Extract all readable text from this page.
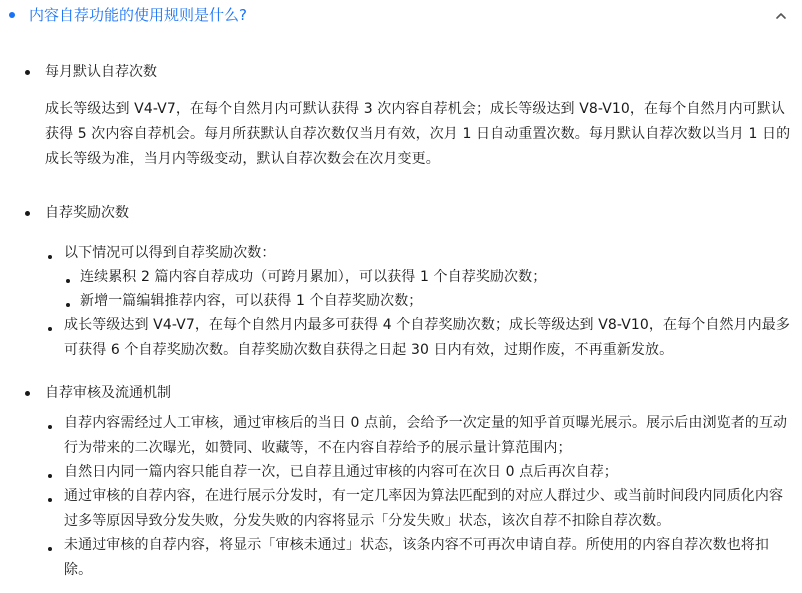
内容自荐功能的使用规则是什么?
每月默认自荐次数
成长等级达到 V4-V7，在每个自然月内可默认获得 3 次内容自荐机会；成长等级达到 V8-V10，在每个自然月内可默认获得 5 次内容自荐机会。每月所获默认自荐次数仅当月有效，次月 1 日自动重置次数。每月默认自荐次数以当月 1 日的成长等级为准，当月内等级变动，默认自荐次数会在次月变更。
自荐奖励次数
以下情况可以得到自荐奖励次数：
连续累积 2 篇内容自荐成功（可跨月累加），可以获得 1 个自荐奖励次数；
新增一篇编辑推荐内容，可以获得 1 个自荐奖励次数；
成长等级达到 V4-V7，在每个自然月内最多可获得 4 个自荐奖励次数；成长等级达到 V8-V10，在每个自然月内最多可获得 6 个自荐奖励次数。自荐奖励次数自获得之日起 30 日内有效，过期作废，不再重新发放。
自荐审核及流通机制
自荐内容需经过人工审核，通过审核后的当日 0 点前，会给予一次定量的知乎首页曝光展示。展示后由浏览者的互动行为带来的二次曝光，如赞同、收藏等，不在内容自荐给予的展示量计算范围内；
自然日内同一篇内容只能自荐一次，已自荐且通过审核的内容可在次日 0 点后再次自荐；
通过审核的自荐内容，在进行展示分发时，有一定几率因为算法匹配到的对应人群过少、或当前时间段内同质化内容过多等原因导致分发失败，分发失败的内容将显示「分发失败」状态，该次自荐不扣除自荐次数。
未通过审核的自荐内容，将显示「审核未通过」状态，该条内容不可再次申请自荐。所使用的内容自荐次数也将扣除。
